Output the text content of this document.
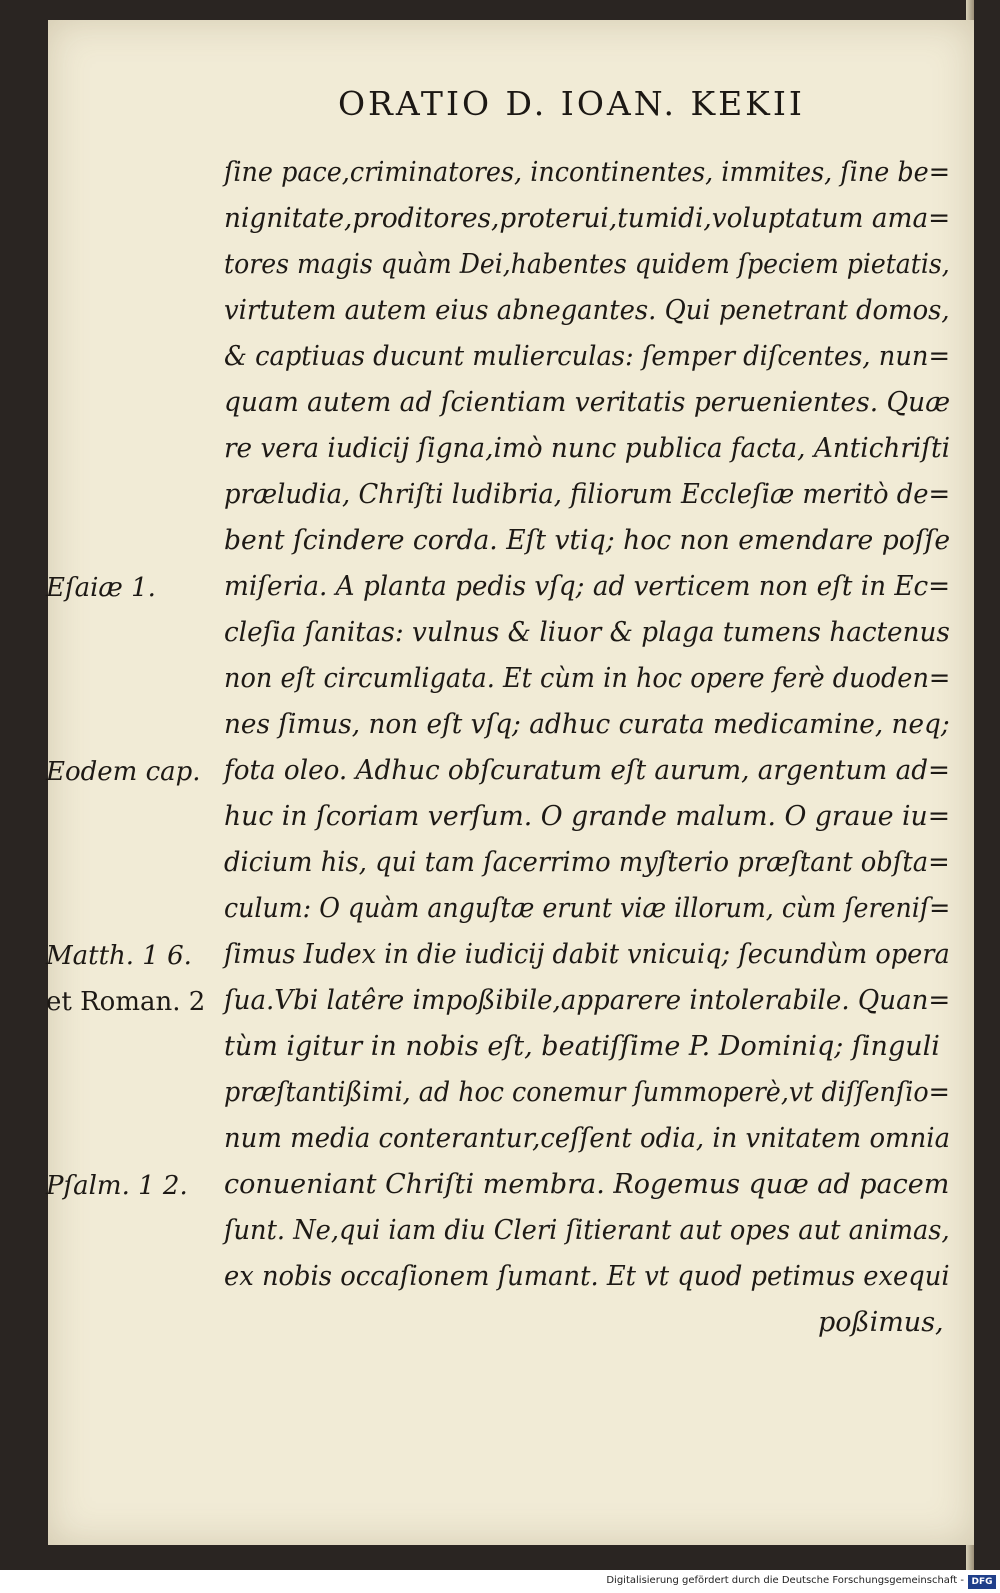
ORATIO D. IOAN. KEKII
ſine pace,criminatores, incontinentes, immites, ſine be=
nignitate,proditores,proterui,tumidi,voluptatum ama=
tores magis quàm Dei,habentes quidem ſpeciem pietatis,
virtutem autem eius abnegantes. Qui penetrant domos,
& captiuas ducunt mulierculas: ſemper diſcentes, nun=
quam autem ad ſcientiam veritatis peruenientes. Quæ
re vera iudicij ſigna,imò nunc publica facta, Antichriſti
præludia, Chriſti ludibria, filiorum Eccleſiæ meritò de=
bent ſcindere corda. Eſt vtiq; hoc non emendare poſſe
miſeria. A planta pedis vſq; ad verticem non eſt in Ec=
cleſia ſanitas: vulnus & liuor & plaga tumens hactenus
non eſt circumligata. Et cùm in hoc opere ferè duoden=
nes ſimus, non eſt vſq; adhuc curata medicamine, neq;
fota oleo. Adhuc obſcuratum eſt aurum, argentum ad=
huc in ſcoriam verſum. O grande malum. O graue iu=
dicium his, qui tam ſacerrimo myſterio præſtant obſta=
culum: O quàm anguſtæ erunt viæ illorum, cùm ſereniſ=
ſimus Iudex in die iudicij dabit vnicuiq; ſecundùm opera
ſua.Vbi latêre impoßibile,apparere intolerabile. Quan=
tùm igitur in nobis eſt, beatiſſime P. Dominiq; ſinguli
præſtantißimi, ad hoc conemur ſummoperè,vt diſſenſio=
num media conterantur,ceſſent odia, in vnitatem omnia
conueniant Chriſti membra. Rogemus quæ ad pacem
ſunt. Ne,qui iam diu Cleri ſitierant aut opes aut animas,
ex nobis occaſionem ſumant. Et vt quod petimus exequi
poßimus,
Eſaiæ 1.
Eodem cap.
Matth. 1 6.
et Roman. 2
Pſalm. 1 2.
Digitalisierung gefördert durch die Deutsche Forschungsgemeinschaft - DFG
